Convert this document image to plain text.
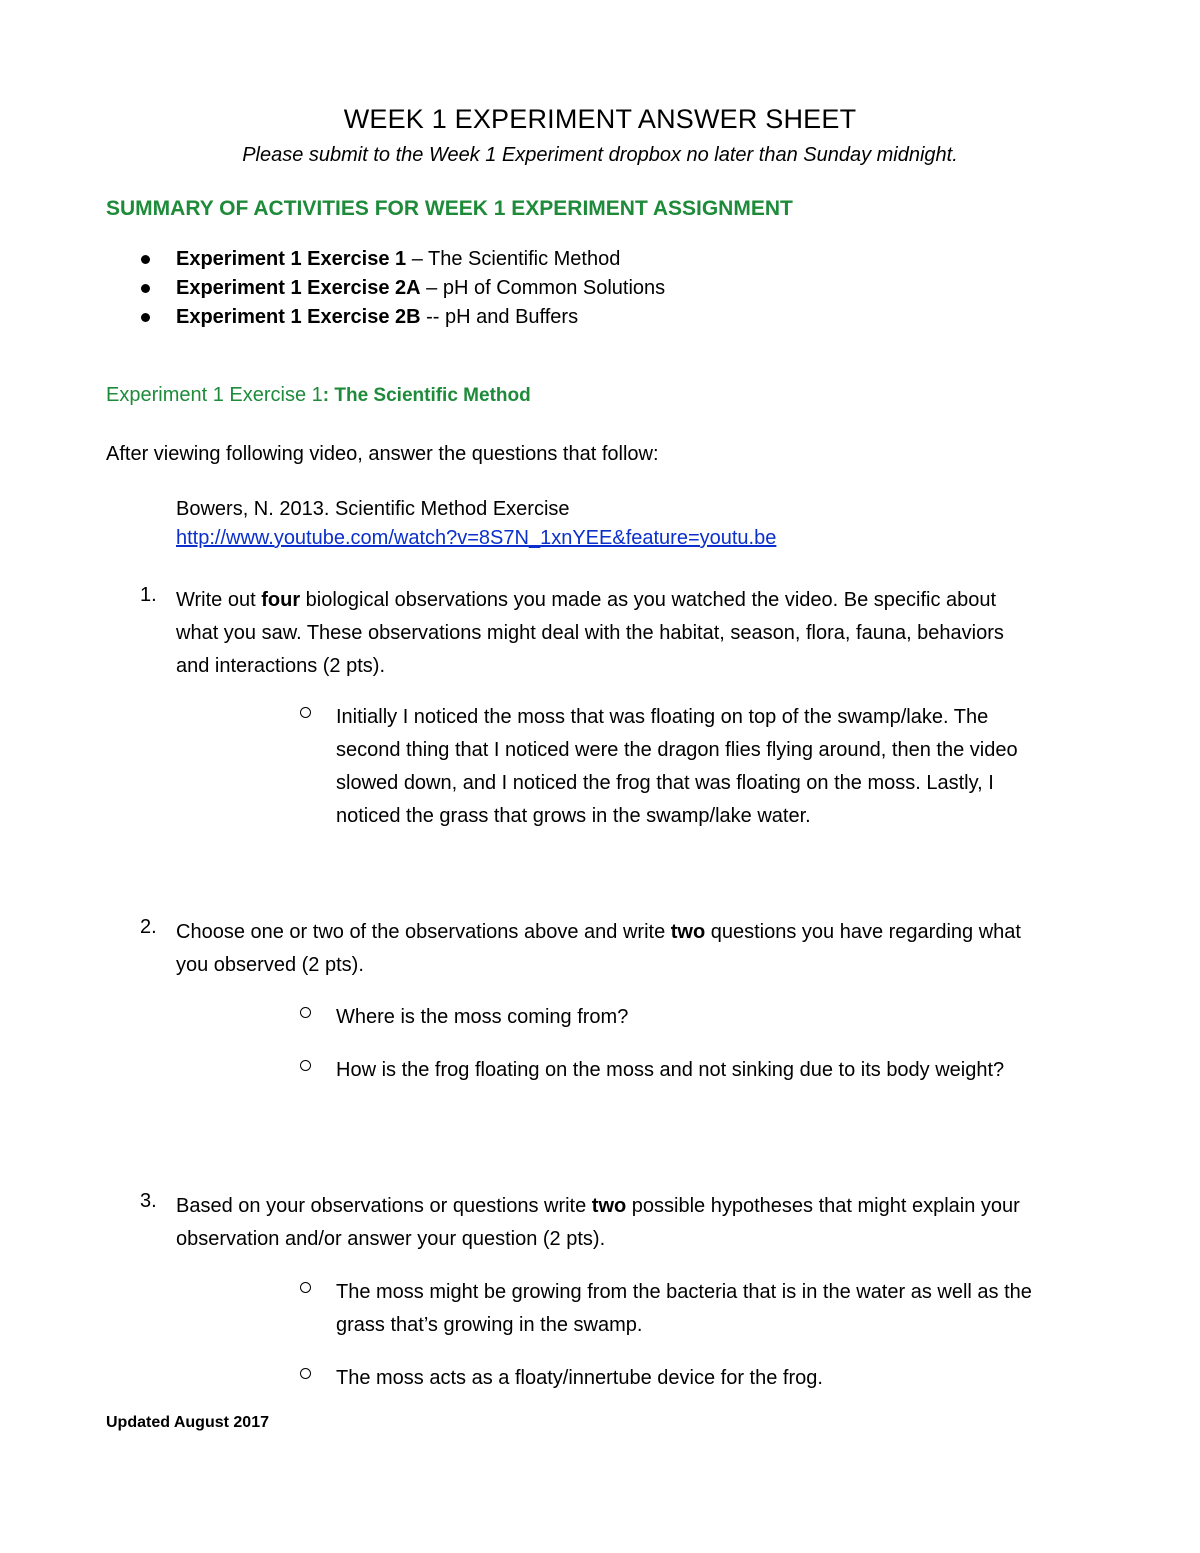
WEEK 1 EXPERIMENT ANSWER SHEET
Please submit to the Week 1 Experiment dropbox no later than Sunday midnight.
SUMMARY OF ACTIVITIES FOR WEEK 1 EXPERIMENT ASSIGNMENT
Experiment 1 Exercise 1 – The Scientific Method
Experiment 1 Exercise 2A – pH of Common Solutions
Experiment 1 Exercise 2B -- pH and Buffers
Experiment 1 Exercise 1: The Scientific Method
After viewing following video, answer the questions that follow:
Bowers, N. 2013. Scientific Method Exercise
http://www.youtube.com/watch?v=8S7N_1xnYEE&feature=youtu.be
1. Write out four biological observations you made as you watched the video. Be specific about
what you saw. These observations might deal with the habitat, season, flora, fauna, behaviors
and interactions (2 pts).
Initially I noticed the moss that was floating on top of the swamp/lake. The
second thing that I noticed were the dragon flies flying around, then the video
slowed down, and I noticed the frog that was floating on the moss. Lastly, I
noticed the grass that grows in the swamp/lake water.
2. Choose one or two of the observations above and write two questions you have regarding what
you observed (2 pts).
Where is the moss coming from?
How is the frog floating on the moss and not sinking due to its body weight?
3. Based on your observations or questions write two possible hypotheses that might explain your
observation and/or answer your question (2 pts).
The moss might be growing from the bacteria that is in the water as well as the
grass that’s growing in the swamp.
The moss acts as a floaty/innertube device for the frog.
Updated August 2017
